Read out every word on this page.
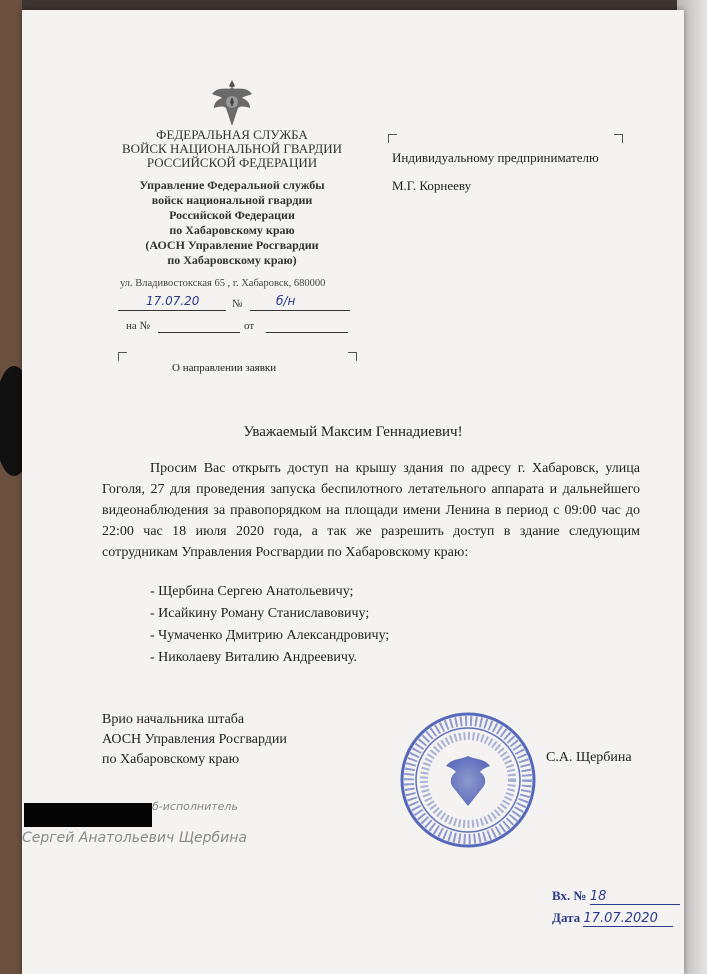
ФЕДЕРАЛЬНАЯ СЛУЖБА
ВОЙСК НАЦИОНАЛЬНОЙ ГВАРДИИ
РОССИЙСКОЙ ФЕДЕРАЦИИ
Управление Федеральной службы
войск национальной гвардии
Российской Федерации
по Хабаровскому краю
(АОСН Управление Росгвардии
по Хабаровскому краю)
ул. Владивостокская 65 , г. Хабаровск, 680000
17.07.20	№	б/н
на №	от
Индивидуальному предпринимателю
М.Г. Корнееву
О направлении заявки
Уважаемый Максим Геннадиевич!

Просим Вас открыть доступ на крышу здания по адресу г. Хабаровск, улица Гоголя, 27 для проведения запуска беспилотного летательного аппарата и дальнейшего видеонаблюдения за правопорядком на площади имени Ленина в период с 09:00 час до 22:00 час 18 июля 2020 года, а так же разрешить доступ в здание следующим сотрудникам Управления Росгвардии по Хабаровскому краю:

- Щербина Сергею Анатольевичу;
- Исайкину Роману Станиславовичу;
- Чумаченко Дмитрию Александровичу;
- Николаеву Виталию Андреевичу.
Врио начальника штаба
АОСН Управления Росгвардии
по Хабаровскому краю	С.А. Щербина
б-исполнитель
Сергей Анатольевич Щербина
Вх. № 18
Дата 17.07.2020
